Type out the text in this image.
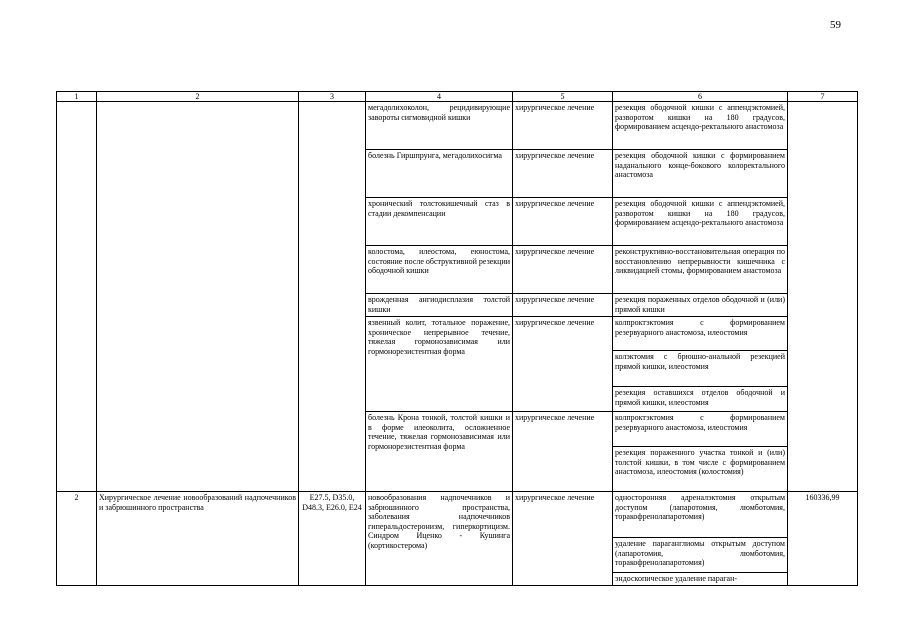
59
1	2	3	4	5	6	7
			мегадолихоколон, рецидивирующие завороты сигмовидной кишки	хирургическое лечение	резекция ободочной кишки с аппендэктомией, разворотом кишки на 180 градусов, формированием асцендо-ректального анастомоза	
			болезнь Гиршпрунга, мегадолихосигма	хирургическое лечение	резекция ободочной кишки с формированием наданального конце-бокового колоректального анастомоза	
			хронический толстокишечный стаз в стадии декомпенсации	хирургическое лечение	резекция ободочной кишки с аппендэктомией, разворотом кишки на 180 градусов, формированием асцендо-ректального анастомоза	
			колостома, илеостома, еюностома, состояние после обструктивной резекции ободочной кишки	хирургическое лечение	реконструктивно-восстановительная операция по восстановлению непрерывности кишечника с ликвидацией стомы, формированием анастомоза	
			врожденная ангиодисплазия толстой кишки	хирургическое лечение	резекция пораженных отделов ободочной и (или) прямой кишки	
			язвенный колит, тотальное поражение, хроническое непрерывное течение, тяжелая гормонозависимая или гормонорезистентная форма	хирургическое лечение	колпроктэктомия с формированием резервуарного анастомоза, илеостомия	
					колэктомия с брюшно-анальной резекцией прямой кишки, илеостомия	
					резекция оставшихся отделов ободочной и прямой кишки, илеостомия	
			болезнь Крона тонкой, толстой кишки и в форме илеоколита, осложненное течение, тяжелая гормонозависимая или гормонорезистентная форма	хирургическое лечение	колпроктэктомия с формированием резервуарного анастомоза, илеостомия	
					резекция пораженного участка тонкой и (или) толстой кишки, в том числе с формированием анастомоза, илеостомия (колостомия)	
2	Хирургическое лечение новообразований надпочечников и забрюшинного пространства	E27.5, D35.0, D48.3, E26.0, E24	новообразования надпочечников и забрюшинного пространства, заболевания надпочечников гиперальдостеронизм, гиперкортицизм. Синдром Иценко - Кушинга (кортикостерома)	хирургическое лечение	односторонняя адреналэктомия открытым доступом (лапаротомия, люмботомия, торакофренолапаротомия)	160336,99
					удаление параганглиомы открытым доступом (лапаротомия, люмботомия, торакофренолапаротомия)	
					эндоскопическое удаление параган-	
